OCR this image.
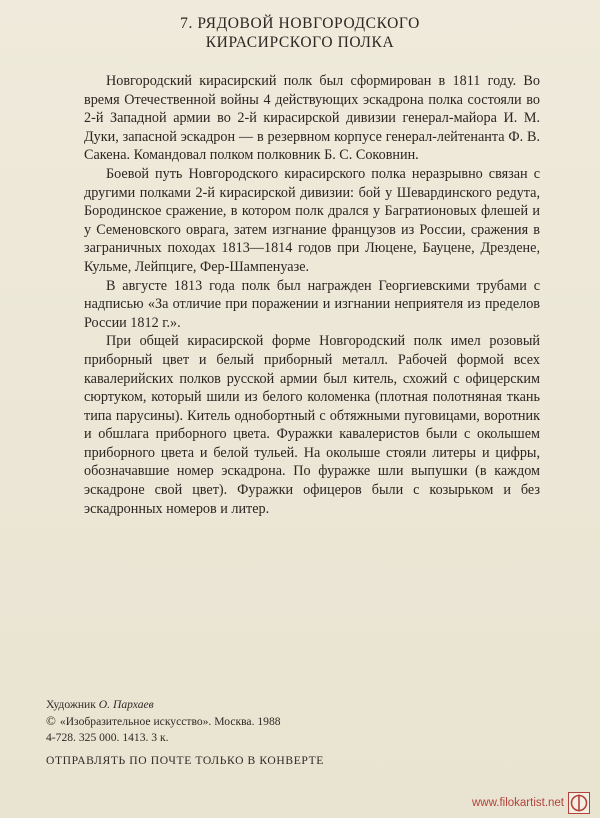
7. РЯДОВОЙ НОВГОРОДСКОГО
КИРАСИРСКОГО ПОЛКА

Новгородский кирасирский полк был сформирован в 1811 году. Во время Отечественной войны 4 действующих эскадрона полка состояли во 2-й Западной армии во 2-й кирасирской дивизии генерал-майора И. М. Дуки, запасной эскадрон — в резервном корпусе генерал-лейтенанта Ф. В. Сакена. Командовал полком полковник Б. С. Соковнин.

Боевой путь Новгородского кирасирского полка неразрывно связан с другими полками 2-й кирасирской дивизии: бой у Шевардинского редута, Бородинское сражение, в котором полк дрался у Багратионовых флешей и у Семеновского оврага, затем изгнание французов из России, сражения в заграничных походах 1813—1814 годов при Люцене, Бауцене, Дрездене, Кульме, Лейпциге, Фер-Шампенуазе.

В августе 1813 года полк был награжден Георгиевскими трубами с надписью «За отличие при поражении и изгнании неприятеля из пределов России 1812 г.».

При общей кирасирской форме Новгородский полк имел розовый приборный цвет и белый приборный металл. Рабочей формой всех кавалерийских полков русской армии был китель, схожий с офицерским сюртуком, который шили из белого коломенка (плотная полотняная ткань типа парусины). Китель однобортный с обтяжными пуговицами, воротник и обшлага приборного цвета. Фуражки кавалеристов были с околышем приборного цвета и белой тульей. На околыше стояли литеры и цифры, обозначавшие номер эскадрона. По фуражке шли выпушки (в каждом эскадроне свой цвет). Фуражки офицеров были с козырьком и без эскадронных номеров и литер.

Художник О. Пархаев
© «Изобразительное искусство». Москва. 1988
4-728. 325 000. 1413. 3 к.
ОТПРАВЛЯТЬ ПО ПОЧТЕ ТОЛЬКО В КОНВЕРТЕ
www.filokartist.net
